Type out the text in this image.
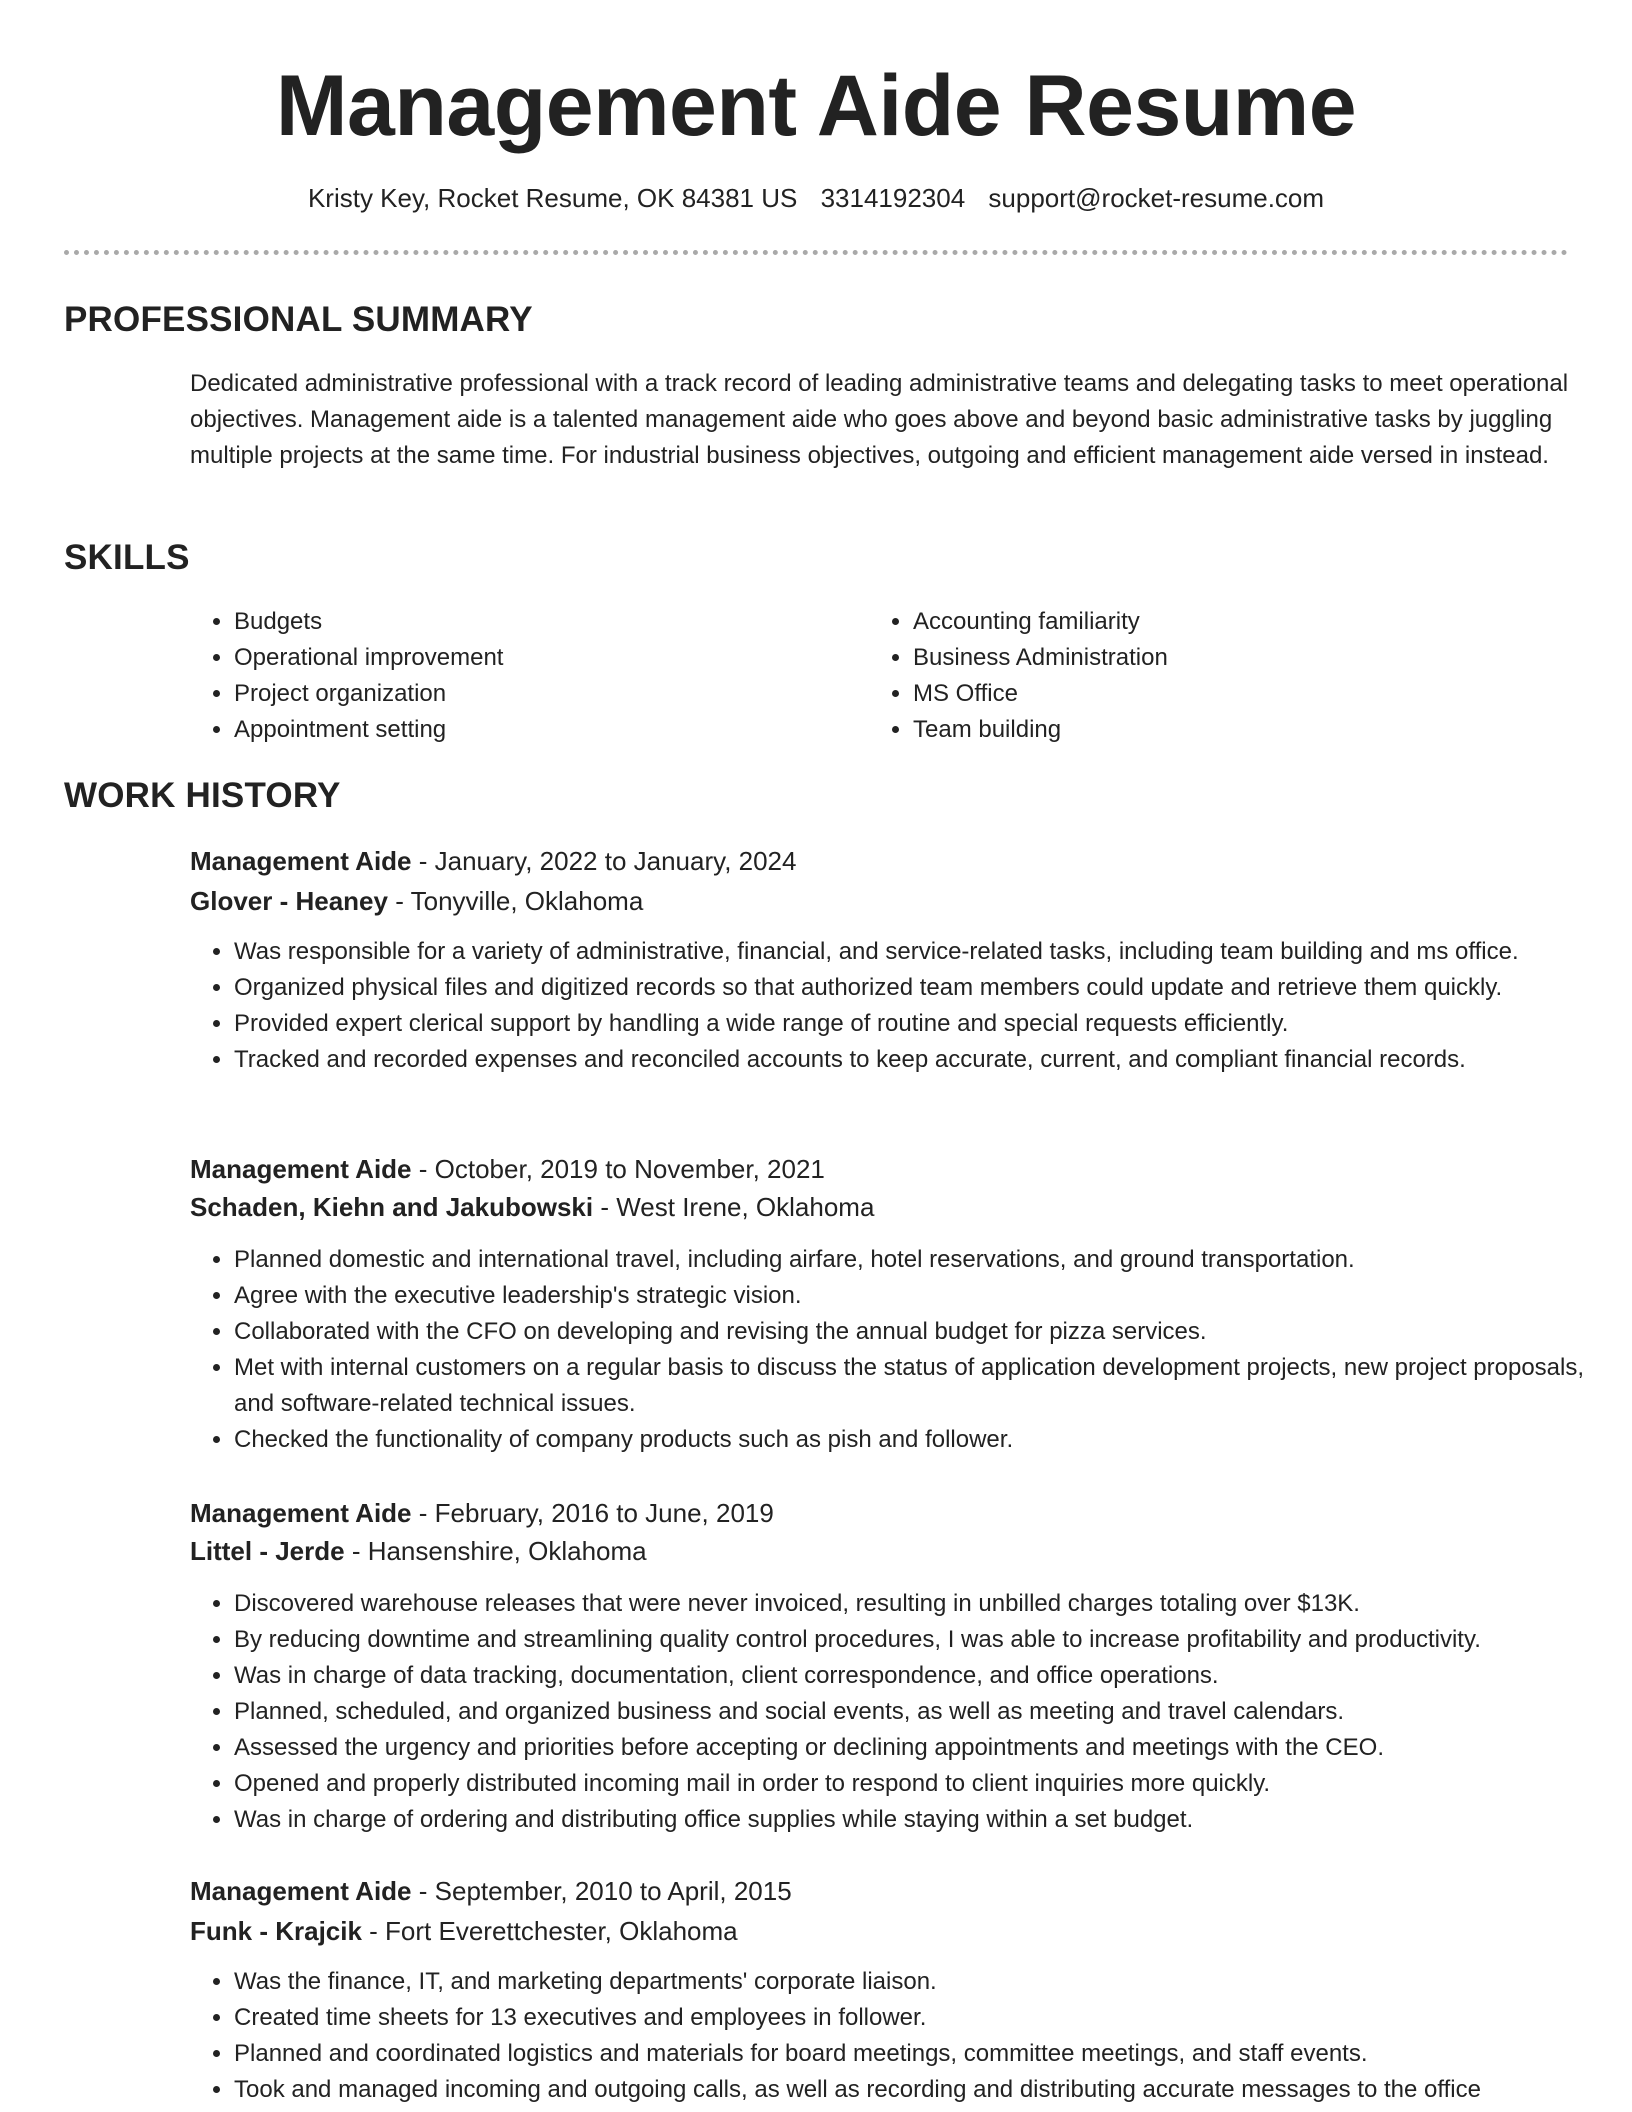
Management Aide Resume
Kristy Key, Rocket Resume, OK 84381 US 3314192304 support@rocket-resume.com
PROFESSIONAL SUMMARY

Dedicated administrative professional with a track record of leading administrative teams and delegating tasks to meet operational objectives. Management aide is a talented management aide who goes above and beyond basic administrative tasks by juggling multiple projects at the same time. For industrial business objectives, outgoing and efficient management aide versed in instead.

SKILLS
• Budgets
• Operational improvement
• Project organization
• Appointment setting
• Accounting familiarity
• Business Administration
• MS Office
• Team building
WORK HISTORY
Management Aide - January, 2022 to January, 2024
Glover - Heaney - Tonyville, Oklahoma
• Was responsible for a variety of administrative, financial, and service-related tasks, including team building and ms office.
• Organized physical files and digitized records so that authorized team members could update and retrieve them quickly.
• Provided expert clerical support by handling a wide range of routine and special requests efficiently.
• Tracked and recorded expenses and reconciled accounts to keep accurate, current, and compliant financial records.
Management Aide - October, 2019 to November, 2021
Schaden, Kiehn and Jakubowski - West Irene, Oklahoma
• Planned domestic and international travel, including airfare, hotel reservations, and ground transportation.
• Agree with the executive leadership's strategic vision.
• Collaborated with the CFO on developing and revising the annual budget for pizza services.
• Met with internal customers on a regular basis to discuss the status of application development projects, new project proposals, and software-related technical issues.
• Checked the functionality of company products such as pish and follower.
Management Aide - February, 2016 to June, 2019
Littel - Jerde - Hansenshire, Oklahoma
• Discovered warehouse releases that were never invoiced, resulting in unbilled charges totaling over $13K.
• By reducing downtime and streamlining quality control procedures, I was able to increase profitability and productivity.
• Was in charge of data tracking, documentation, client correspondence, and office operations.
• Planned, scheduled, and organized business and social events, as well as meeting and travel calendars.
• Assessed the urgency and priorities before accepting or declining appointments and meetings with the CEO.
• Opened and properly distributed incoming mail in order to respond to client inquiries more quickly.
• Was in charge of ordering and distributing office supplies while staying within a set budget.
Management Aide - September, 2010 to April, 2015
Funk - Krajcik - Fort Everettchester, Oklahoma
• Was the finance, IT, and marketing departments' corporate liaison.
• Created time sheets for 13 executives and employees in follower.
• Planned and coordinated logistics and materials for board meetings, committee meetings, and staff events.
• Took and managed incoming and outgoing calls, as well as recording and distributing accurate messages to the office
